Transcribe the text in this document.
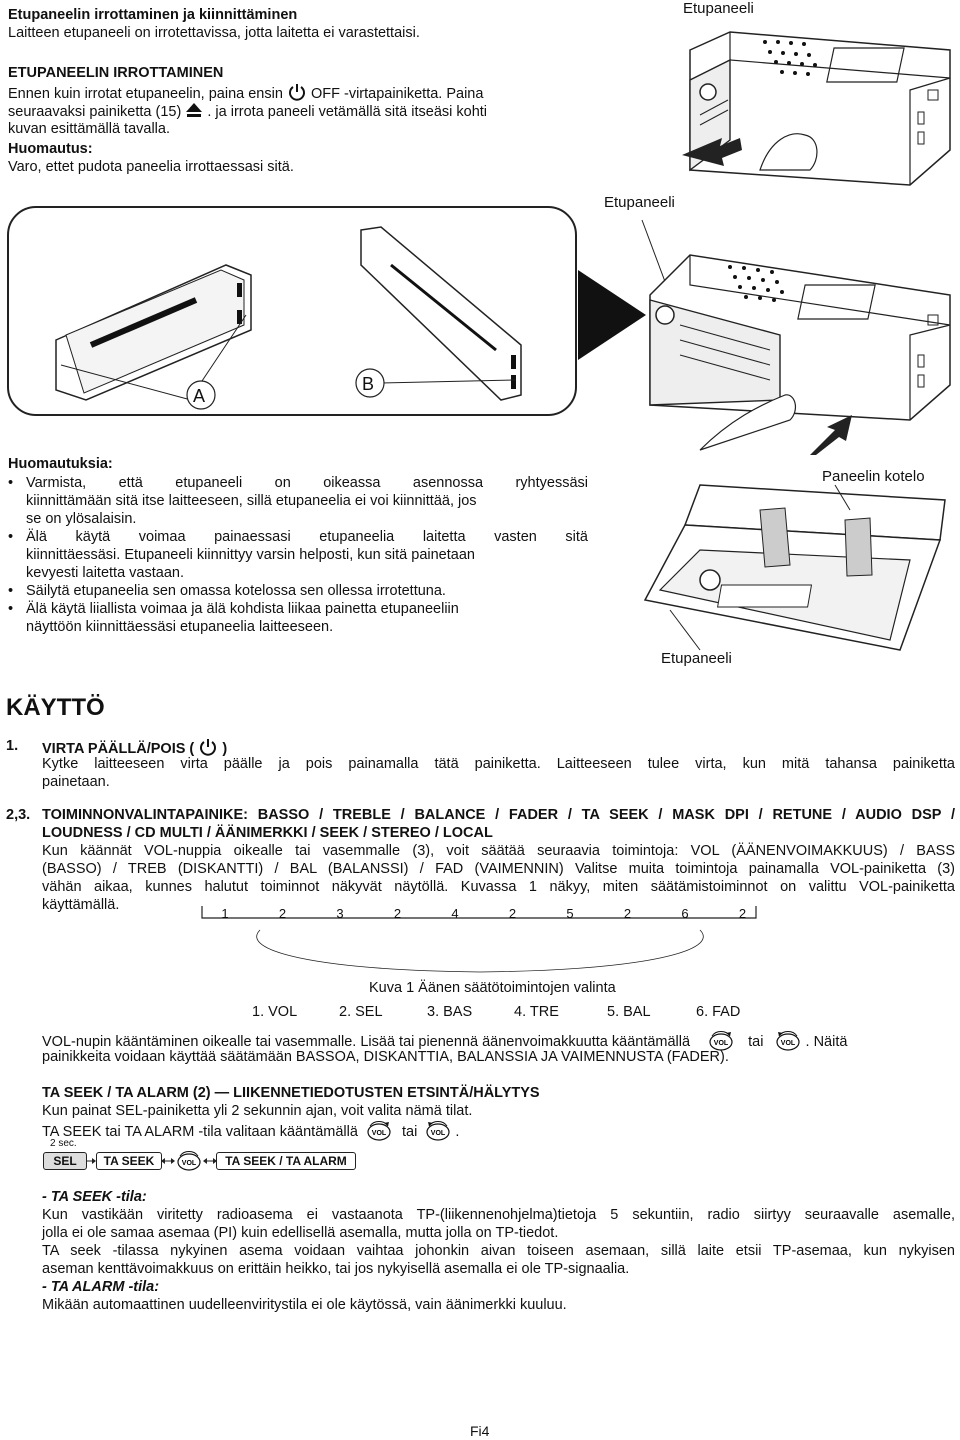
Etupaneelin irrottaminen ja kiinnittäminen
Laitteen etupaneeli on irrotettavissa, jotta laitetta ei varastettaisi.
ETUPANEELIN IRROTTAMINEN
Ennen kuin irrotat etupaneelin, paina ensin OFF -virtapainiketta. Paina
seuraavaksi painiketta (15) . ja irrota paneeli vetämällä sitä itseäsi kohti
kuvan esittämällä tavalla.
Huomautus:
Varo, ettet pudota paneelia irrottaessasi sitä.
Etupaneeli
A
B
Etupaneeli
Huomautuksia:
• Varmista, että etupaneeli on oikeassa asennossa ryhtyessäsi
kiinnittämään sitä itse laitteeseen, sillä etupaneelia ei voi kiinnittää, jos
se on ylösalaisin.
• Älä käytä voimaa painaessasi etupaneelia laitetta vasten sitä
kiinnittäessäsi. Etupaneeli kiinnittyy varsin helposti, kun sitä painetaan
kevyesti laitetta vastaan.
• Säilytä etupaneelia sen omassa kotelossa sen ollessa irrotettuna.
• Älä käytä liiallista voimaa ja älä kohdista liikaa painetta etupaneeliin
näyttöön kiinnittäessäsi etupaneelia laitteeseen.
Paneelin kotelo
Etupaneeli
KÄYTTÖ
1. VIRTA PÄÄLLÄ/POIS ( )
Kytke laitteeseen virta päälle ja pois painamalla tätä painiketta. Laitteeseen tulee virta, kun mitä tahansa painiketta
painetaan.
2,3. TOIMINNONVALINTAPAINIKE: BASSO / TREBLE / BALANCE / FADER / TA SEEK / MASK DPI / RETUNE / AUDIO DSP /
LOUDNESS / CD MULTI / ÄÄNIMERKKI / SEEK / STEREO / LOCAL
Kun käännät VOL-nuppia oikealle tai vasemmalle (3), voit säätää seuraavia toimintoja: VOL (ÄÄNENVOIMAKKUUS) / BASS
(BASSO) / TREB (DISKANTTI) / BAL (BALANSSI) / FAD (VAIMENNIN) Valitse muita toimintoja painamalla VOL-painiketta (3)
vähän aikaa, kunnes halutut toiminnot näkyvät näytöllä. Kuvassa 1 näkyy, miten säätämistoiminnot on valittu VOL-painiketta
käyttämällä.
1	2	3	2	4	2	5	2	6	2
Kuva 1 Äänen säätötoimintojen valinta
1. VOL	2. SEL	3. BAS	4. TRE	5. BAL	6. FAD
VOL-nupin kääntäminen oikealle tai vasemmalle. Lisää tai pienennä äänenvoimakkuutta kääntämällä	VOL tai	VOL . Näitä
painikkeita voidaan käyttää säätämään BASSOA, DISKANTTIA, BALANSSIA JA VAIMENNUSTA (FADER).
TA SEEK / TA ALARM (2) — LIIKENNETIEDOTUSTEN ETSINTÄ/HÄLYTYS
Kun painat SEL-painiketta yli 2 sekunnin ajan, voit valita nämä tilat.
TA SEEK tai TA ALARM -tila valitaan kääntämällä VOL tai VOL .
2 sec.
SEL	TA SEEK	VOL	TA SEEK / TA ALARM
- TA SEEK -tila:
Kun vastikään viritetty radioasema ei vastaanota TP-(liikennenohjelma)tietoja 5 sekuntiin, radio siirtyy seuraavalle asemalle,
jolla ei ole samaa asemaa (PI) kuin edellisellä asemalla, mutta jolla on TP-tiedot.
TA seek -tilassa nykyinen asema voidaan vaihtaa johonkin aivan toiseen asemaan, sillä laite etsii TP-asemaa, kun nykyisen
aseman kenttävoimakkuus on erittäin heikko, tai jos nykyisellä asemalla ei ole TP-signaalia.
- TA ALARM -tila:
Mikään automaattinen uudelleenviritystila ei ole käytössä, vain äänimerkki kuuluu.
Fi4
